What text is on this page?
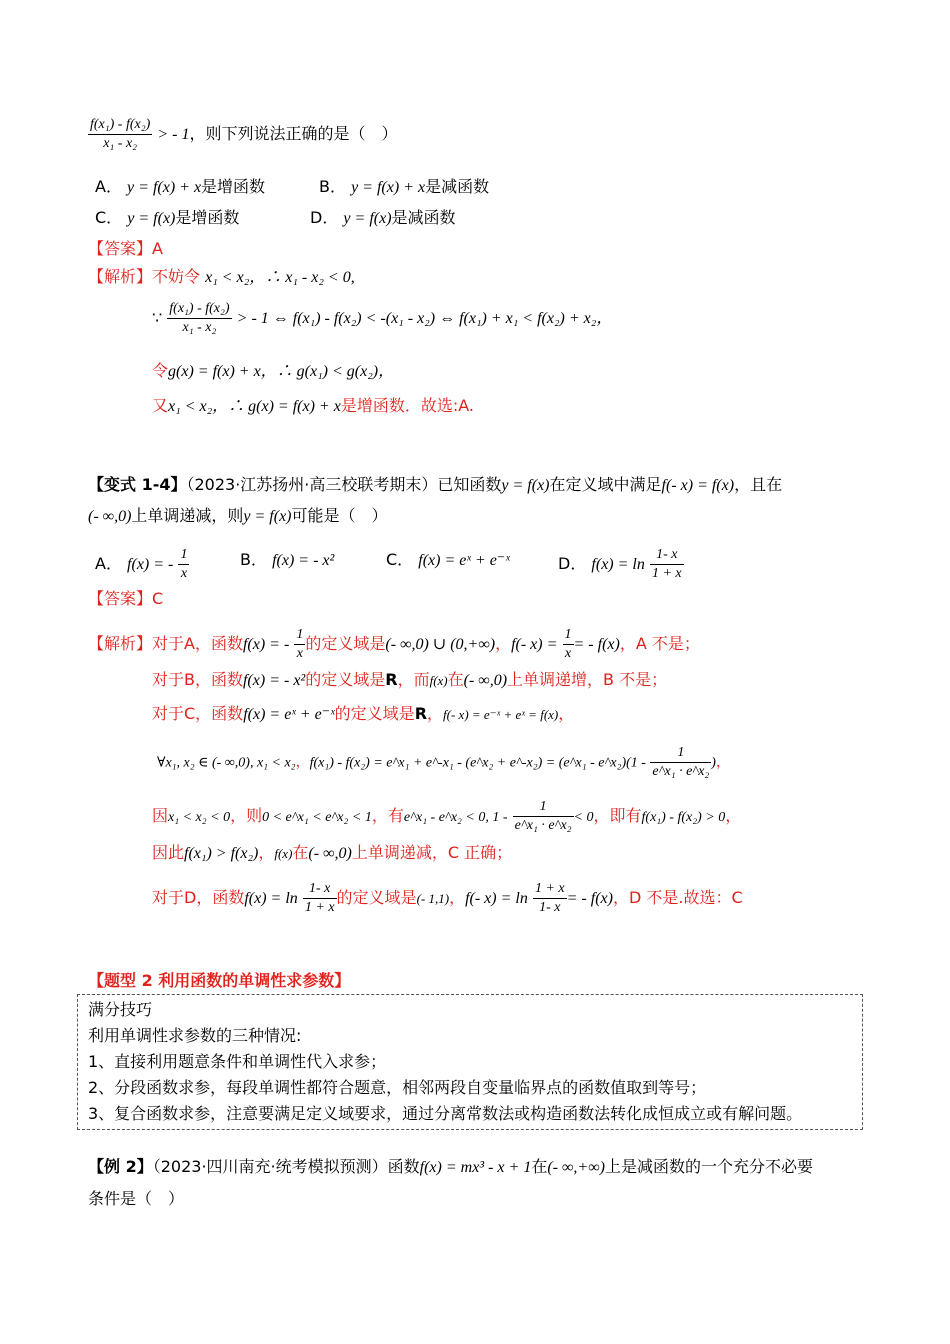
$\frac{\text{f(x₁) - f(x₂)}}{\text{x₁ - x₂}}$ > - 1，则下列说法正确的是（　）
A． y = f(x) + x是增函数	B． y = f(x) + x是减函数
C． y = f(x)是增函数	D． y = f(x)是减函数
【答案】A
【解析】不妨令 x₁ < x₂，∴ x₁ - x₂ < 0,
∵ $\frac{\text{f(x₁) - f(x₂)}}{\text{x₁ - x₂}}$ > - 1 ⇔ f(x₁) - f(x₂) < -(x₁ - x₂) ⇔ f(x₁) + x₁ < f(x₂) + x₂，
令g(x) = f(x) + x，∴ g(x₁) < g(x₂)，
又x₁ < x₂，∴ g(x) = f(x) + x是增函数．故选:A.
【变式 1-4】（2023·江苏扬州·高三校联考期末）已知函数y = f(x)在定义域中满足f(- x) = f(x)，且在
(- ∞,0)上单调递减，则y = f(x)可能是（　）
A． f(x) = - $\frac{1}{x}$	B． f(x) = - x²	C． f(x) = eˣ + e⁻ˣ	D． $f(x) = \ln \frac{1- x}{1 + x}$
【答案】C
【解析】对于A，函数f(x) = - $\frac{1}{x}$ 的定义域是(- ∞,0) ∪ (0,+∞)，f(- $x) = \frac{1}{x}$ = - f(x)，A 不是；
对于B，函数f(x) = - x²的定义域是R，而f(x)在(- ∞,0)上单调递增，B 不是；
对于C，函数f(x) = eˣ + e⁻ˣ的定义域是R，f(- x) = e⁻ˣ + eˣ = f(x)，
∀x₁, x₂ ∈ (- ∞,0), x₁ < x₂，f(x₁) - f(x₂) = e^x₁ + e^-x₁ - (e^x₂ + e^-x₂) = (e^x₁ - e^x₂)(1 - $\frac{1}{\text{e\textasciicircum{}x₁ · e\textasciicircum{}x₂}}$ )，
因x₁ < x₂ < 0，则0 < e^x₁ < e^x₂ < 1，有e^x₁ - e^x₂ < 0, $1 - \frac{1}{\text{e\textasciicircum{}x₁ · e\textasciicircum{}x₂}} < 0$，即有f(x₁) - f(x₂) > 0，
因此f(x₁) > f(x₂)，f(x)在(- ∞,0)上单调递减，C 正确；
对于D，函数$f(x) = \ln \frac{1- x}{1 + x}$ 的定义域是(- 1,1)，f(- $x) = \ln \frac{1 + x}{1- x}$ = - f(x)，D 不是.故选：C
【题型 2 利用函数的单调性求参数】
满分技巧
利用单调性求参数的三种情况:
1、直接利用题意条件和单调性代入求参；
2、分段函数求参，每段单调性都符合题意，相邻两段自变量临界点的函数值取到等号；
3、复合函数求参，注意要满足定义域要求，通过分离常数法或构造函数法转化成恒成立或有解问题。
【例 2】（2023·四川南充·统考模拟预测）函数f(x) = mx³ - x + 1在(- ∞,+∞)上是减函数的一个充分不必要
条件是（　）
